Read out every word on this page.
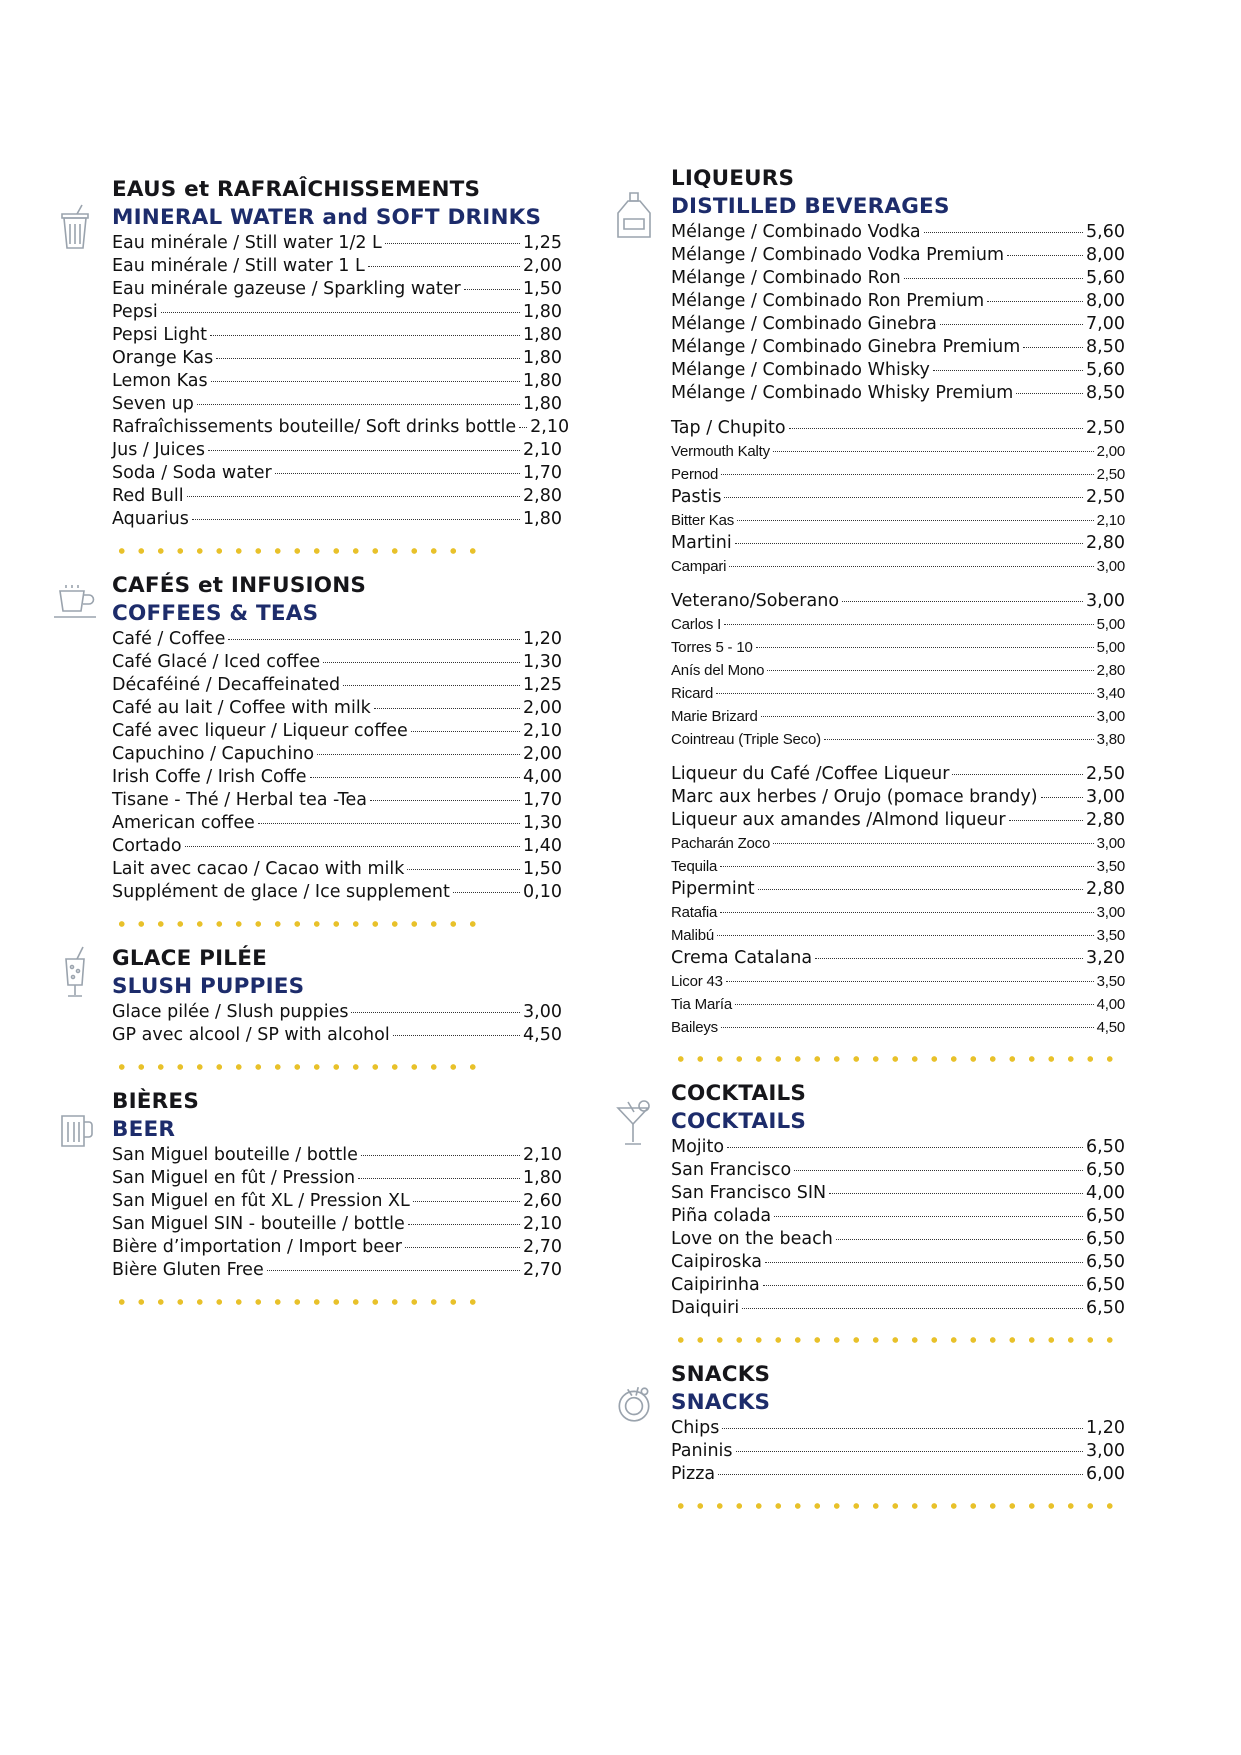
EAUS et RAFRAÎCHISSEMENTS
MINERAL WATER and SOFT DRINKS
Eau minérale / Still water 1/2 L	1,25
Eau minérale / Still water 1 L	2,00
Eau minérale gazeuse / Sparkling water	1,50
Pepsi	1,80
Pepsi Light	1,80
Orange Kas	1,80
Lemon Kas	1,80
Seven up	1,80
Rafraîchissements bouteille/ Soft drinks bottle 2,10
Jus / Juices	2,10
Soda / Soda water	1,70
Red Bull	2,80
Aquarius	1,80
CAFÉS et INFUSIONS
COFFEES & TEAS
Café / Coffee	1,20
Café Glacé / Iced coffee	1,30
Décaféiné / Decaffeinated	1,25
Café au lait / Coffee with milk	2,00
Café avec liqueur / Liqueur coffee	2,10
Capuchino / Capuchino	2,00
Irish Coffe / Irish Coffe	4,00
Tisane - Thé / Herbal tea -Tea	1,70
American coffee	1,30
Cortado	1,40
Lait avec cacao / Cacao with milk	1,50
Supplément de glace / Ice supplement	0,10
GLACE PILÉE
SLUSH PUPPIES
Glace pilée / Slush puppies	3,00
GP avec alcool / SP with alcohol	4,50
BIÈRES
BEER
San Miguel bouteille / bottle	2,10
San Miguel en fût / Pression	1,80
San Miguel en fût XL / Pression XL	2,60
San Miguel SIN - bouteille / bottle	2,10
Bière d’importation / Import beer	2,70
Bière Gluten Free	2,70
LIQUEURS
DISTILLED BEVERAGES
Mélange / Combinado Vodka	5,60
Mélange / Combinado Vodka Premium	8,00
Mélange / Combinado Ron	5,60
Mélange / Combinado Ron Premium	8,00
Mélange / Combinado Ginebra	7,00
Mélange / Combinado Ginebra Premium	8,50
Mélange / Combinado Whisky	5,60
Mélange / Combinado Whisky Premium	8,50
Tap / Chupito	2,50
Vermouth Kalty	2,00
Pernod	2,50
Pastis	2,50
Bitter Kas	2,10
Martini	2,80
Campari	3,00
Veterano/Soberano	3,00
Carlos I	5,00
Torres 5 - 10	5,00
Anís del Mono	2,80
Ricard	3,40
Marie Brizard	3,00
Cointreau (Triple Seco)	3,80
Liqueur du Café /Coffee Liqueur	2,50
Marc aux herbes / Orujo (pomace brandy)	3,00
Liqueur aux amandes /Almond liqueur	2,80
Pacharán Zoco	3,00
Tequila	3,50
Pipermint	2,80
Ratafia	3,00
Malibú	3,50
Crema Catalana	3,20
Licor 43	3,50
Tia María	4,00
Baileys	4,50
COCKTAILS
COCKTAILS
Mojito	6,50
San Francisco	6,50
San Francisco SIN	4,00
Piña colada	6,50
Love on the beach	6,50
Caipiroska	6,50
Caipirinha	6,50
Daiquiri	6,50
SNACKS
SNACKS
Chips	1,20
Paninis	3,00
Pizza	6,00
